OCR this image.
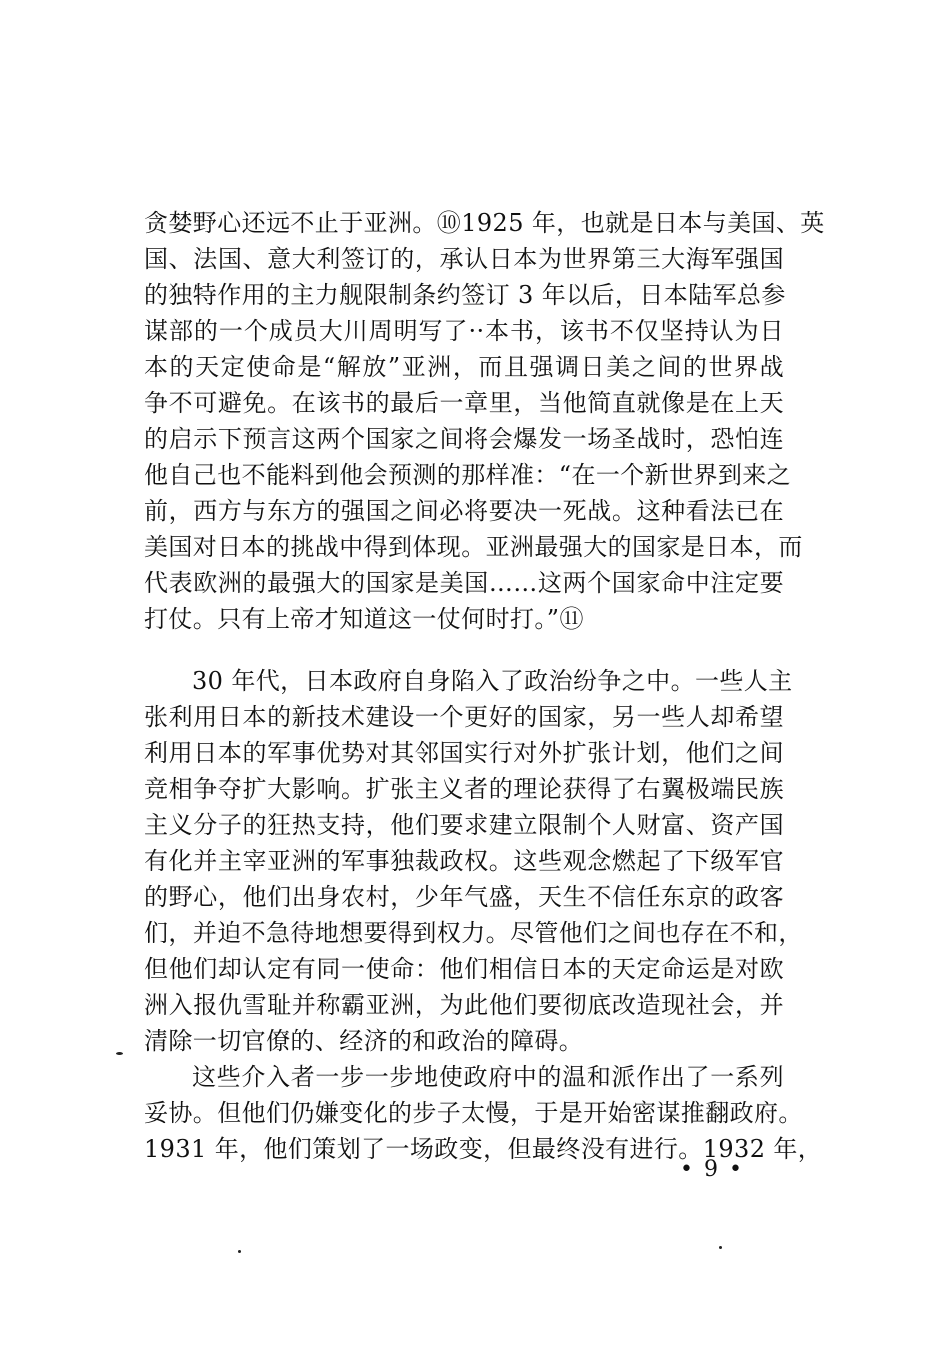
贪婪野心还远不止于亚洲。⑩1925 年，也就是日本与美国、英
国、法国、意大利签订的，承认日本为世界第三大海军强国
的独特作用的主力舰限制条约签订 3 年以后，日本陆军总参
谋部的一个成员大川周明写了··本书，该书不仅坚持认为日
本的天定使命是“解放”亚洲，而且强调日美之间的世界战
争不可避免。在该书的最后一章里，当他简直就像是在上天
的启示下预言这两个国家之间将会爆发一场圣战时，恐怕连
他自己也不能料到他会预测的那样准：“在一个新世界到来之
前，西方与东方的强国之间必将要决一死战。这种看法已在
美国对日本的挑战中得到体现。亚洲最强大的国家是日本，而
代表欧洲的最强大的国家是美国……这两个国家命中注定要
打仗。只有上帝才知道这一仗何时打。”⑪
30 年代，日本政府自身陷入了政治纷争之中。一些人主
张利用日本的新技术建设一个更好的国家，另一些人却希望
利用日本的军事优势对其邻国实行对外扩张计划，他们之间
竞相争夺扩大影响。扩张主义者的理论获得了右翼极端民族
主义分子的狂热支持，他们要求建立限制个人财富、资产国
有化并主宰亚洲的军事独裁政权。这些观念燃起了下级军官
的野心，他们出身农村，少年气盛，天生不信任东京的政客
们，并迫不急待地想要得到权力。尽管他们之间也存在不和，
但他们却认定有同一使命：他们相信日本的天定命运是对欧
洲入报仇雪耻并称霸亚洲，为此他们要彻底改造现社会，并
清除一切官僚的、经济的和政治的障碍。
这些介入者一步一步地使政府中的温和派作出了一系列
妥协。但他们仍嫌变化的步子太慢，于是开始密谋推翻政府。
1931 年，他们策划了一场政变，但最终没有进行。1932 年，
• 9 •
